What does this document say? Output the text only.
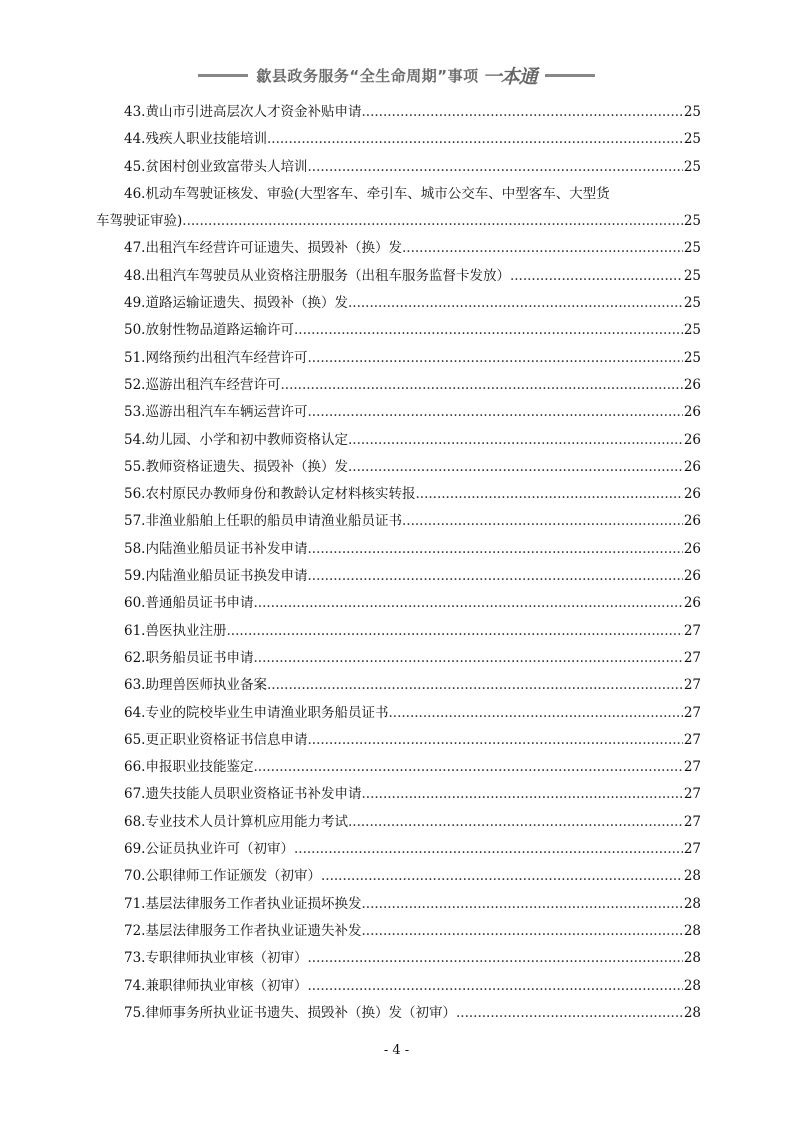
歙县政务服务“全生命周期”事项 一本通
43.黄山市引进高层次人才资金补贴申请 .....	25
44.残疾人职业技能培训 .....	25
45.贫困村创业致富带头人培训 .....	25
46.机动车驾驶证核发、审验(大型客车、牵引车、城市公交车、中型客车、大型货
车驾驶证审验) .....	25
47.出租汽车经营许可证遗失、损毁补（换）发 .....	25
48.出租汽车驾驶员从业资格注册服务（出租车服务监督卡发放） .....	25
49.道路运输证遗失、损毁补（换）发 .....	25
50.放射性物品道路运输许可 .....	25
51.网络预约出租汽车经营许可 .....	25
52.巡游出租汽车经营许可 .....	26
53.巡游出租汽车车辆运营许可 .....	26
54.幼儿园、小学和初中教师资格认定 .....	26
55.教师资格证遗失、损毁补（换）发 .....	26
56.农村原民办教师身份和教龄认定材料核实转报 .....	26
57.非渔业船舶上任职的船员申请渔业船员证书 .....	26
58.内陆渔业船员证书补发申请 .....	26
59.内陆渔业船员证书换发申请 .....	26
60.普通船员证书申请 .....	26
61.兽医执业注册 .....	27
62.职务船员证书申请 .....	27
63.助理兽医师执业备案 .....	27
64.专业的院校毕业生申请渔业职务船员证书 .....	27
65.更正职业资格证书信息申请 .....	27
66.申报职业技能鉴定 .....	27
67.遗失技能人员职业资格证书补发申请 .....	27
68.专业技术人员计算机应用能力考试 .....	27
69.公证员执业许可（初审） .....	27
70.公职律师工作证颁发（初审） .....	28
71.基层法律服务工作者执业证损坏换发 .....	28
72.基层法律服务工作者执业证遗失补发 .....	28
73.专职律师执业审核（初审） .....	28
74.兼职律师执业审核（初审） .....	28
75.律师事务所执业证书遗失、损毁补（换）发（初审） .....	28
- 4 -
